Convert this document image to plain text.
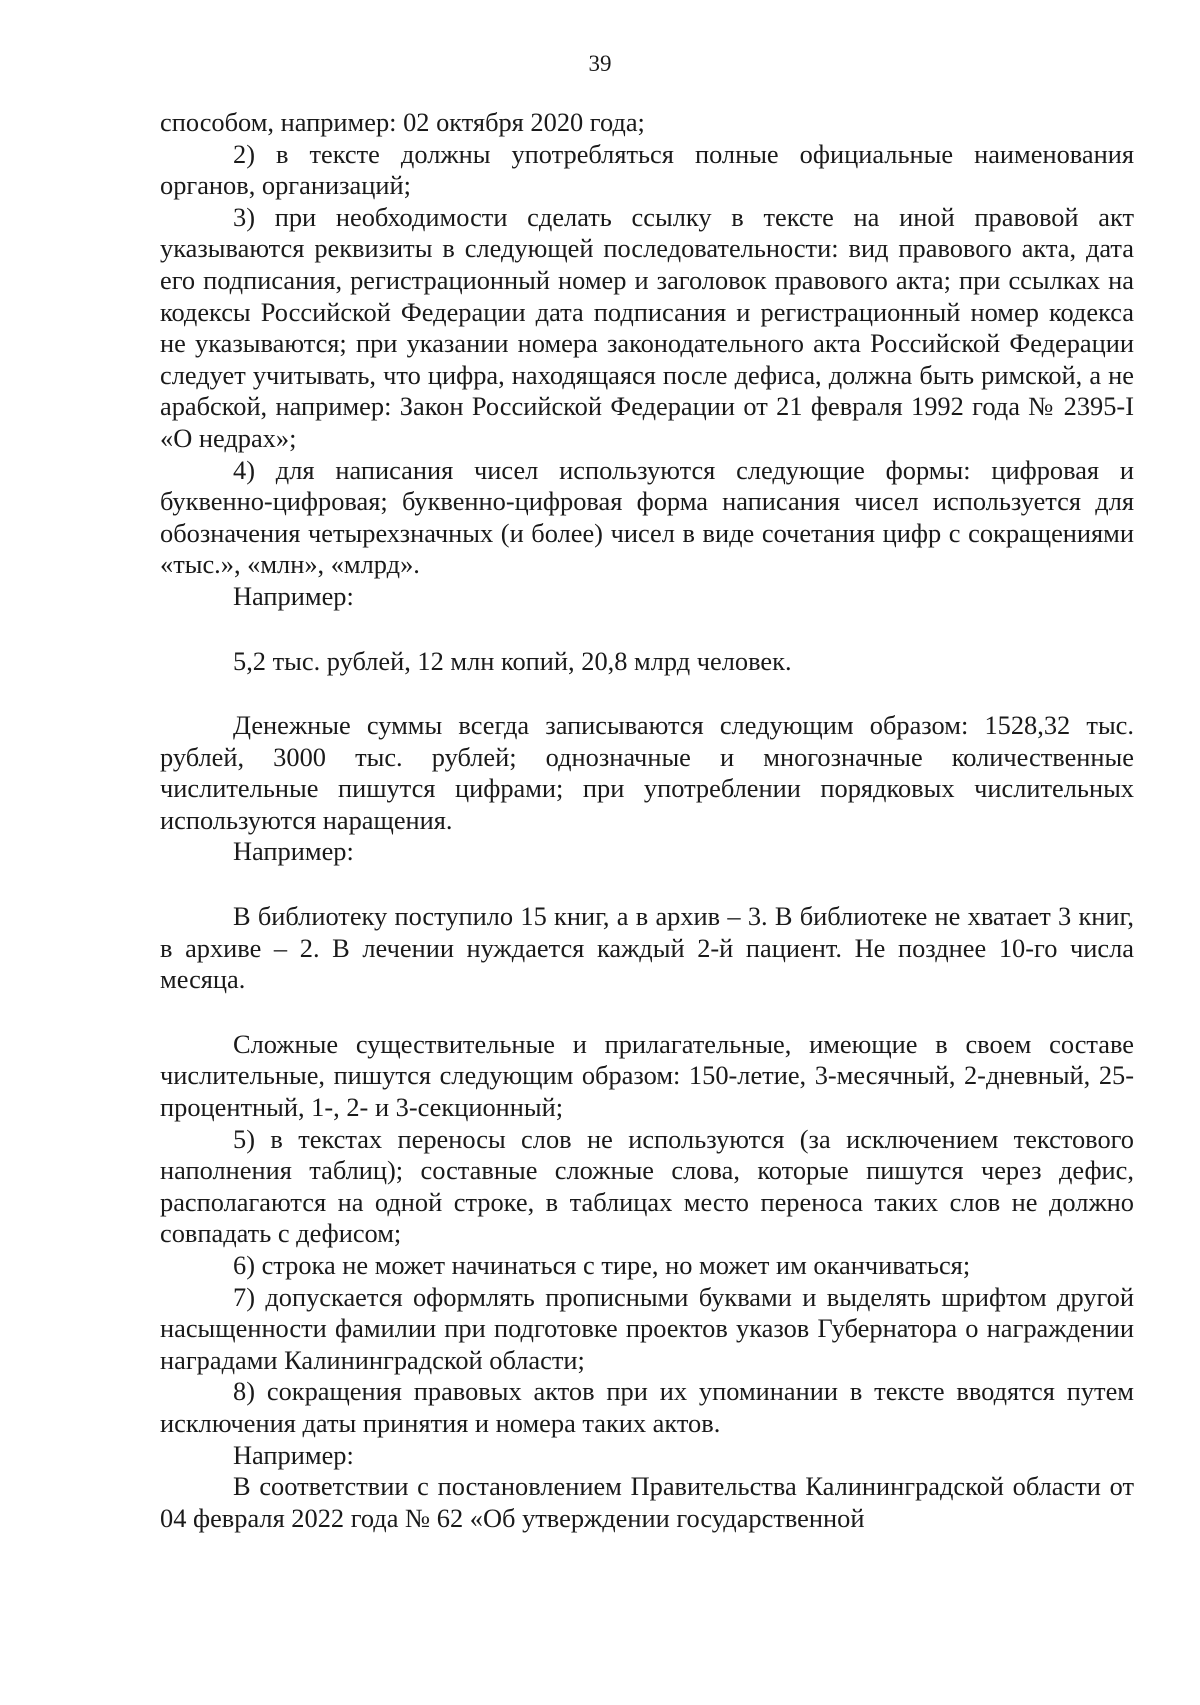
39

способом, например: 02 октября 2020 года;

2) в тексте должны употребляться полные официальные наименования органов, организаций;

3) при необходимости сделать ссылку в тексте на иной правовой акт указываются реквизиты в следующей последовательности: вид правового акта, дата его подписания, регистрационный номер и заголовок правового акта; при ссылках на кодексы Российской Федерации дата подписания и регистрационный номер кодекса не указываются; при указании номера законодательного акта Российской Федерации следует учитывать, что цифра, находящаяся после дефиса, должна быть римской, а не арабской, например: Закон Российской Федерации от 21 февраля 1992 года № 2395-I «О недрах»;

4) для написания чисел используются следующие формы: цифровая и буквенно-цифровая; буквенно-цифровая форма написания чисел используется для обозначения четырехзначных (и более) чисел в виде сочетания цифр с сокращениями «тыс.», «млн», «млрд».

Например:

5,2 тыс. рублей, 12 млн копий, 20,8 млрд человек.

Денежные суммы всегда записываются следующим образом: 1528,32 тыс. рублей, 3000 тыс. рублей; однозначные и многозначные количественные числительные пишутся цифрами; при употреблении порядковых числительных используются наращения.

Например:

В библиотеку поступило 15 книг, а в архив – 3. В библиотеке не хватает 3 книг, в архиве – 2. В лечении нуждается каждый 2-й пациент. Не позднее 10-го числа месяца.

Сложные существительные и прилагательные, имеющие в своем составе числительные, пишутся следующим образом: 150-летие, 3-месячный, 2-дневный, 25-процентный, 1-, 2- и 3-секционный;

5) в текстах переносы слов не используются (за исключением текстового наполнения таблиц); составные сложные слова, которые пишутся через дефис, располагаются на одной строке, в таблицах место переноса таких слов не должно совпадать с дефисом;

6) строка не может начинаться с тире, но может им оканчиваться;

7) допускается оформлять прописными буквами и выделять шрифтом другой насыщенности фамилии при подготовке проектов указов Губернатора о награждении наградами Калининградской области;

8) сокращения правовых актов при их упоминании в тексте вводятся путем исключения даты принятия и номера таких актов.

Например:

В соответствии с постановлением Правительства Калининградской области от 04 февраля 2022 года № 62 «Об утверждении государственной
